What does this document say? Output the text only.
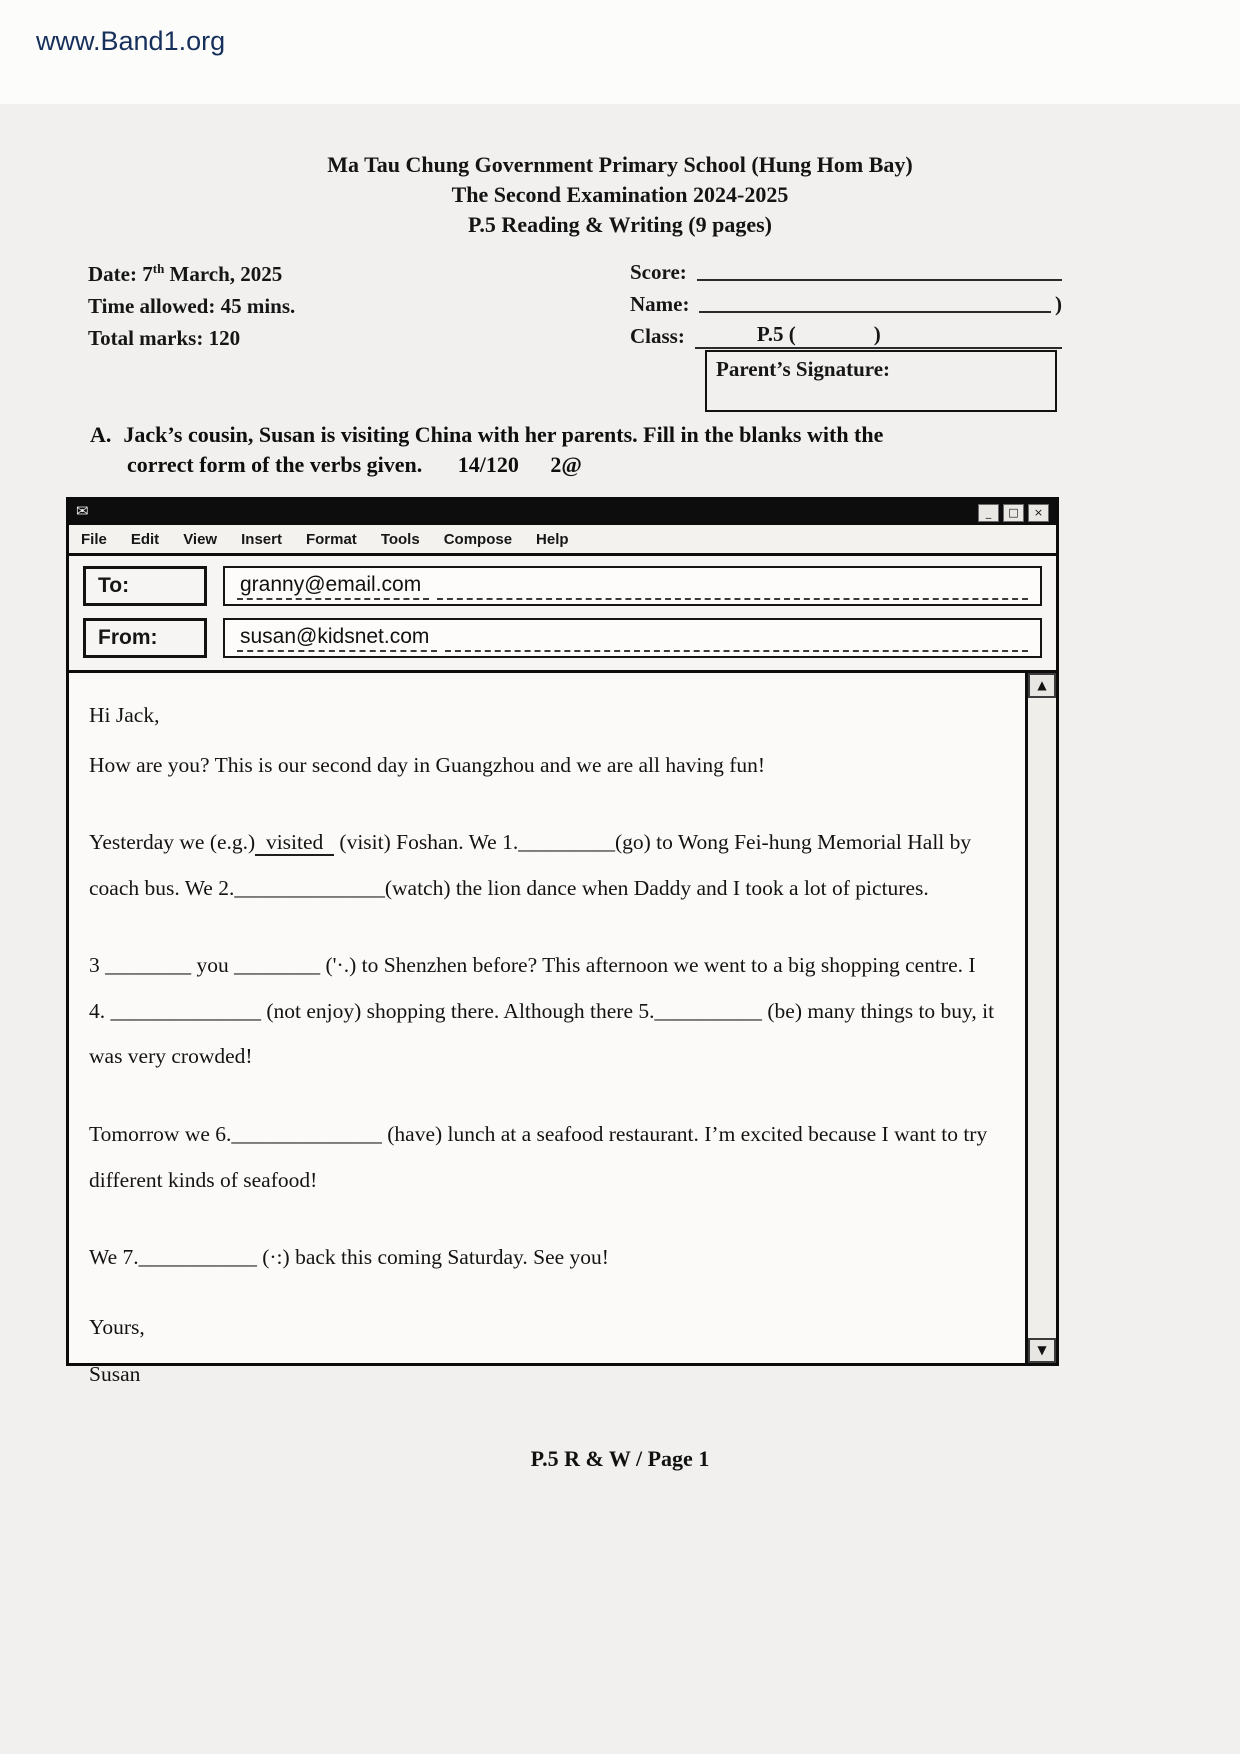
www.Band1.org
Ma Tau Chung Government Primary School (Hung Hom Bay)
The Second Examination 2024-2025
P.5 Reading & Writing (9 pages)
Date: 7th March, 2025
Time allowed: 45 mins.
Total marks: 120
Score:
Name:	)
Class:	P.5 (	)
Parent’s Signature:
A. Jack’s cousin, Susan is visiting China with her parents. Fill in the blanks with the
correct form of the verbs given. 14/120 2@
✉	_	□	×
File Edit View Insert Format Tools Compose Help
To:	granny@email.com
From:	susan@kidsnet.com

Hi Jack,

How are you? This is our second day in Guangzhou and we are all having fun!

Yesterday we (e.g.)  visited   (visit) Foshan. We 1._________(go) to Wong Fei-hung Memorial Hall by coach bus. We 2.______________(watch) the lion dance when Daddy and I took a lot of pictures.

3 ________ you ________ ('·.) to Shenzhen before? This afternoon we went to a big shopping centre. I 4. ______________ (not enjoy) shopping there. Although there 5.__________ (be) many things to buy, it was very crowded!

Tomorrow we 6.______________ (have) lunch at a seafood restaurant. I’m excited because I want to try different kinds of seafood!

We 7.___________ (·:) back this coming Saturday. See you!

Yours,

Susan

▲
▼
P.5 R & W / Page 1
